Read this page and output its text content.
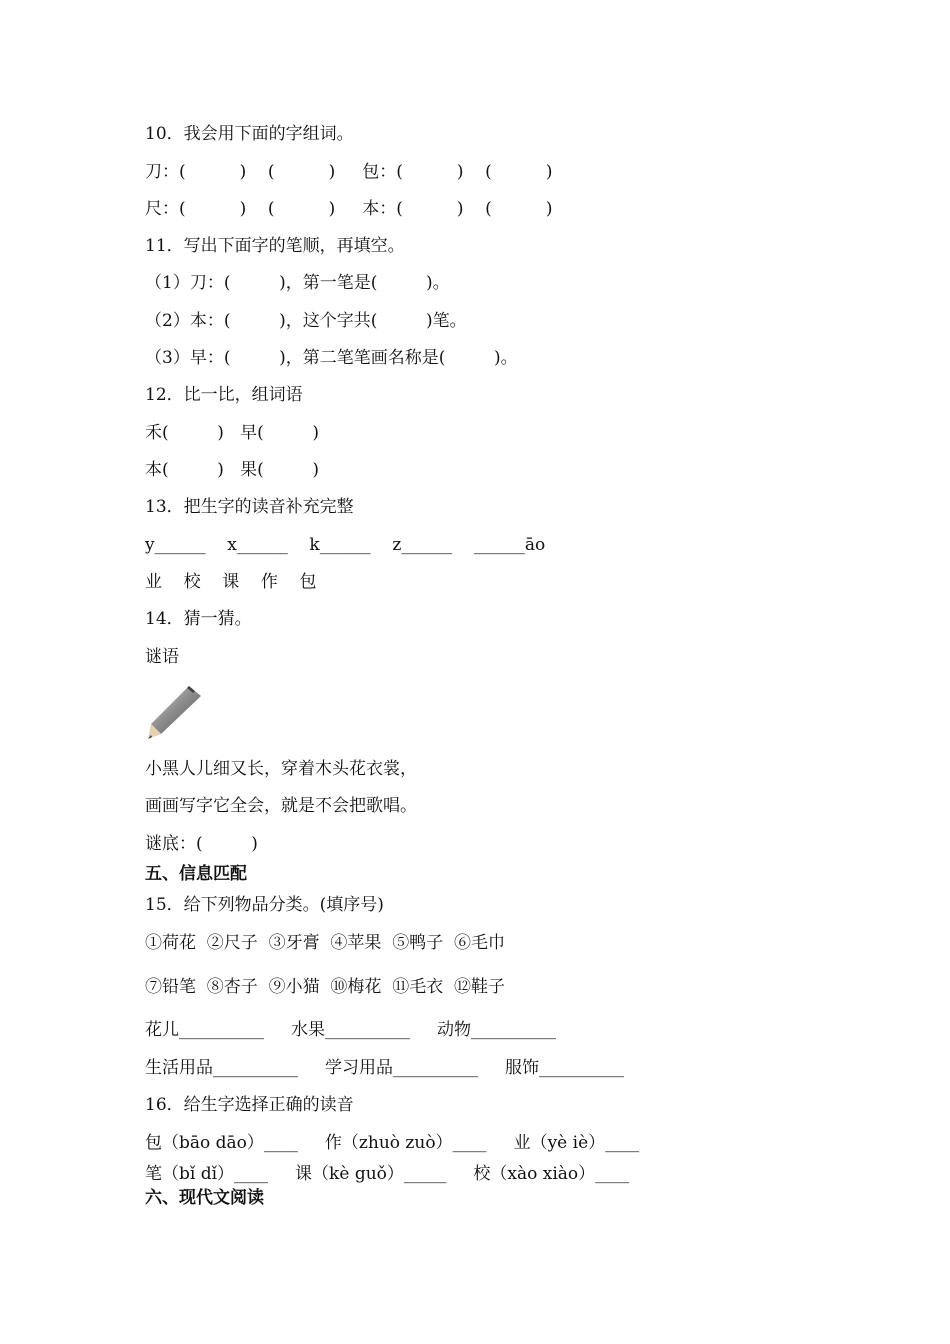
10．我会用下面的字组词。
刀：(          )    (          )     包：(          )    (          )
尺：(          )    (          )     本：(          )    (          )
11．写出下面字的笔顺，再填空。
（1）刀：(         )，第一笔是(         )。
（2）本：(         )，这个字共(         )笔。
（3）早：(         )，第二笔笔画名称是(         )。
12．比一比，组词语
禾(         )   早(         )
本(         )   果(         )
13．把生字的读音补充完整
y______    x______    k______    z______    ______āo
业    校    课    作    包
14．猜一猜。
谜语
小黑人儿细又长，穿着木头花衣裳，
画画写字它全会，就是不会把歌唱。
谜底：(         )
五、信息匹配
15．给下列物品分类。(填序号)
①荷花  ②尺子  ③牙膏  ④苹果  ⑤鸭子  ⑥毛巾
⑦铅笔  ⑧杏子  ⑨小猫  ⑩梅花  ⑪毛衣  ⑫鞋子
花儿__________     水果__________     动物__________
生活用品__________     学习用品__________     服饰__________
16．给生字选择正确的读音
包（bāo dāo）____     作（zhuò zuò）____     业（yè iè）____
笔（bǐ dǐ）____     课（kè guǒ）_____     校（xào xiào）____
六、现代文阅读
